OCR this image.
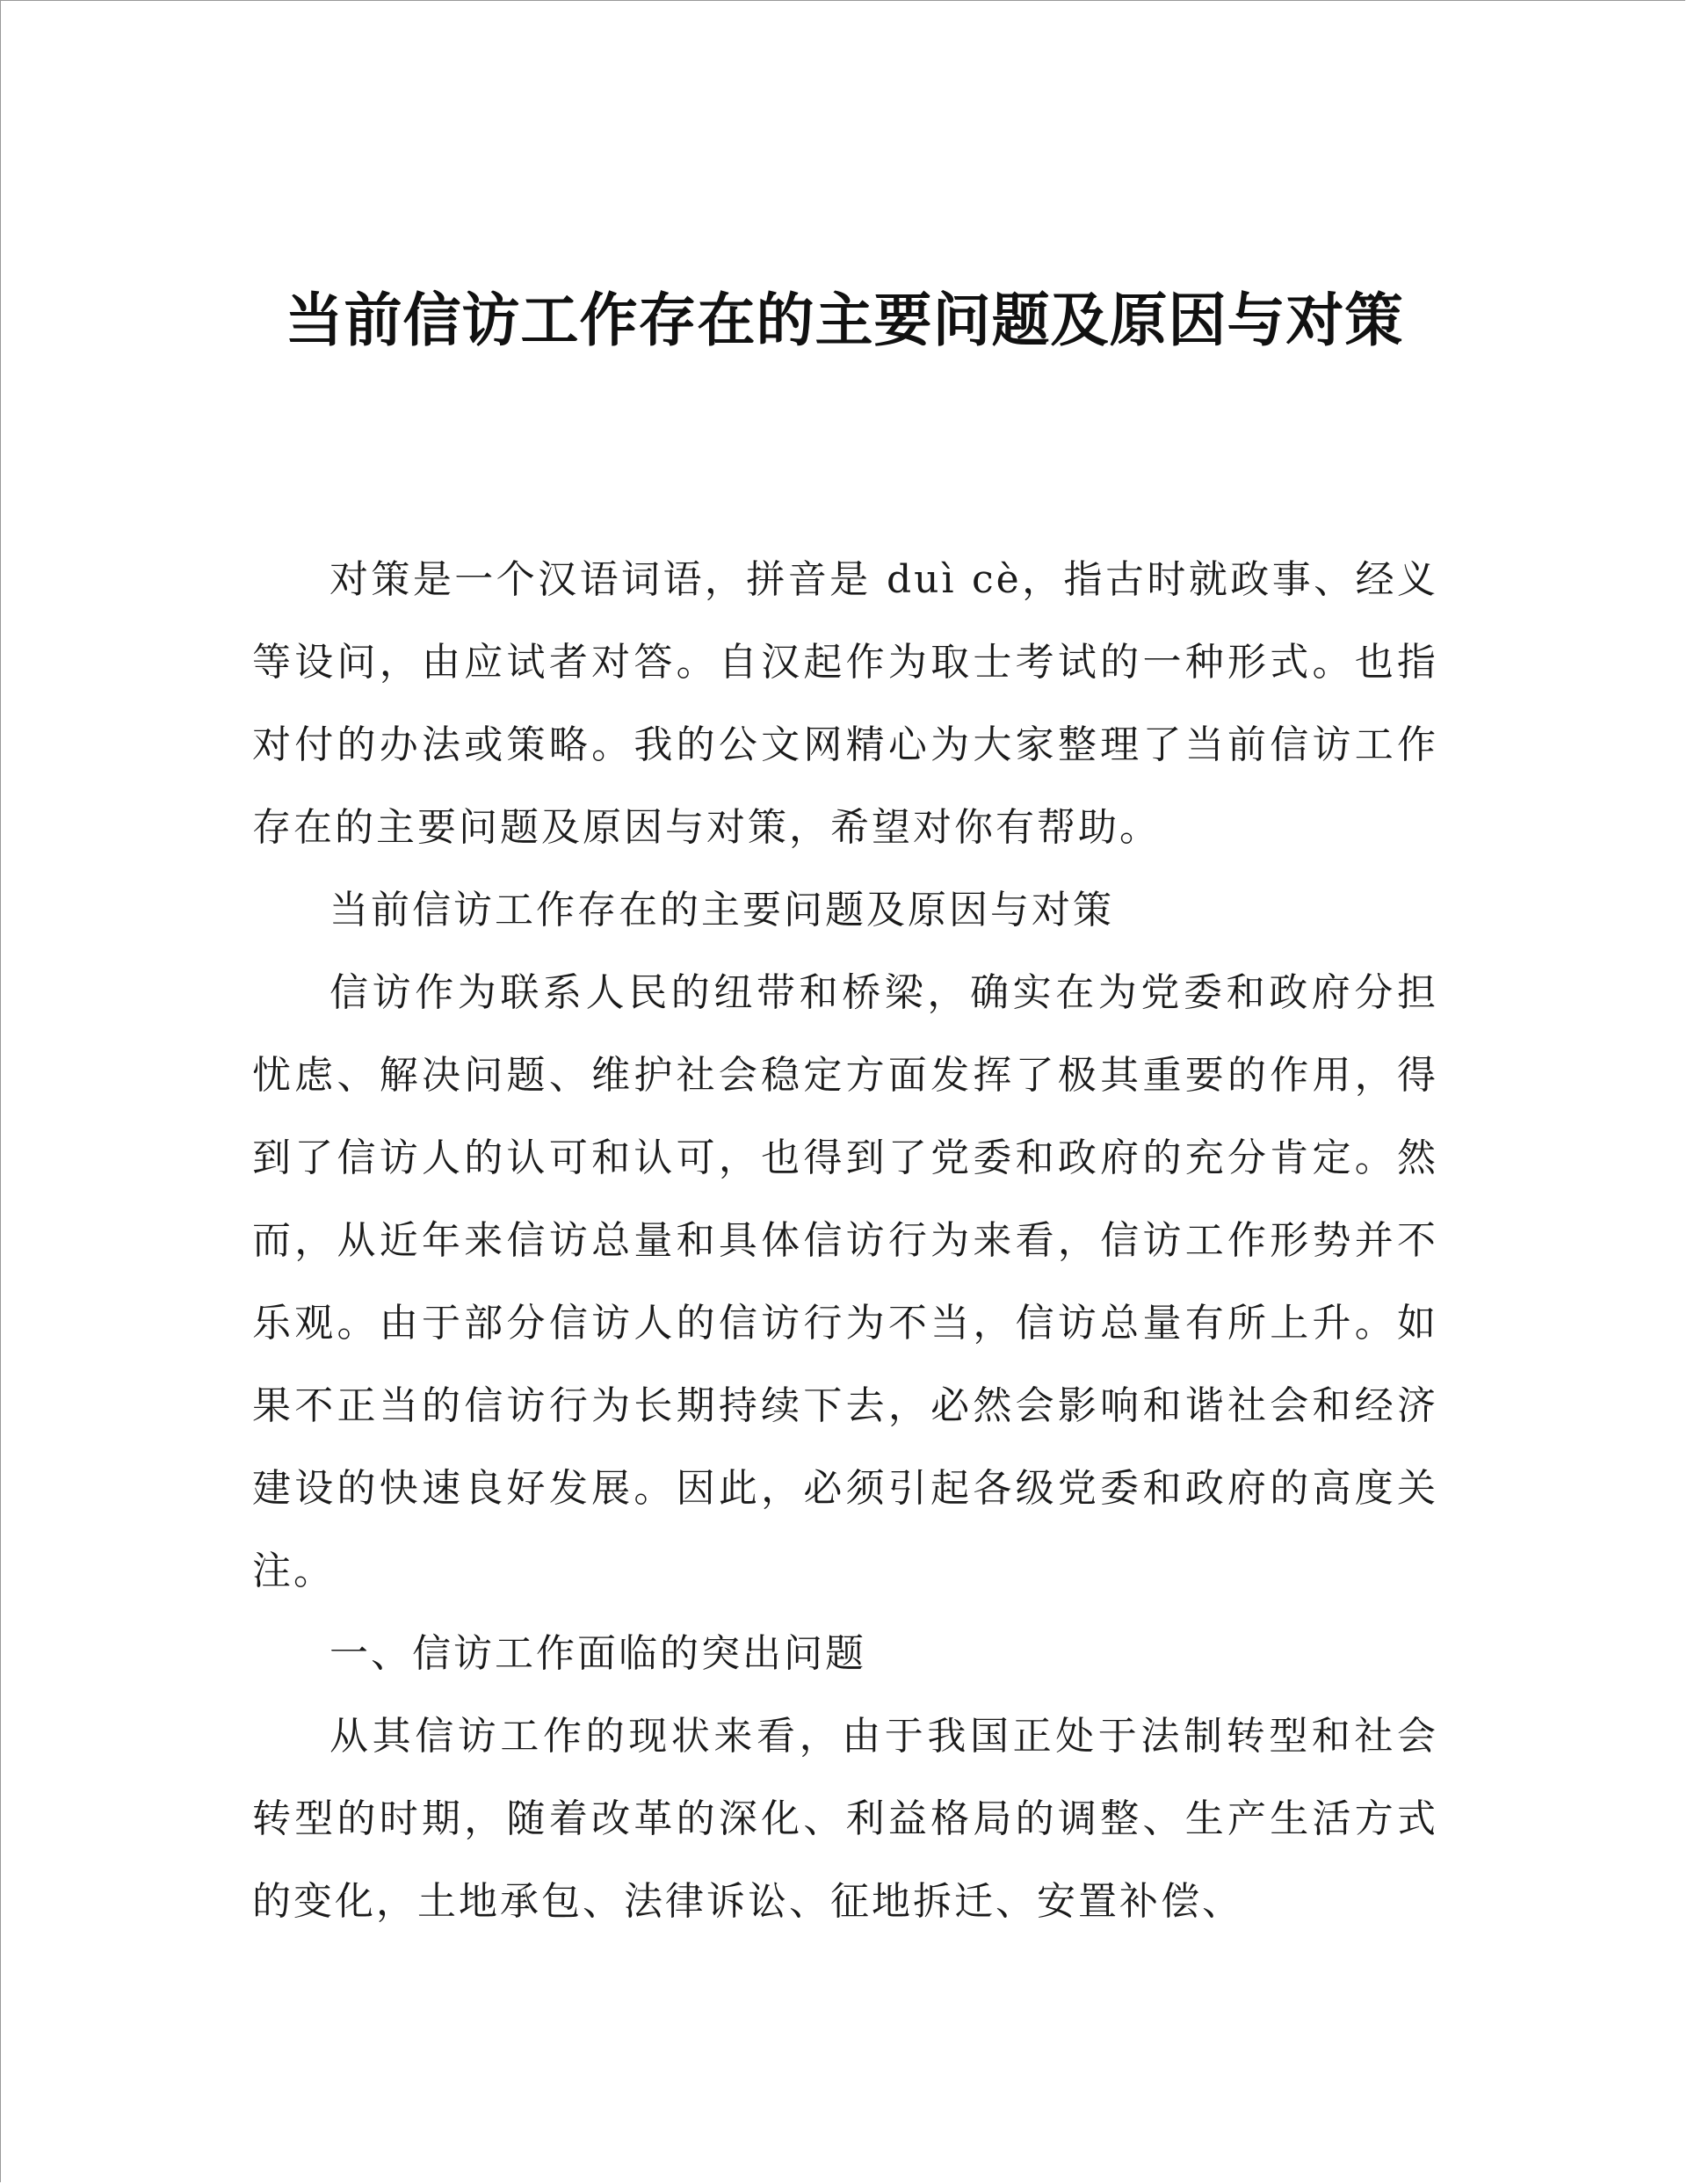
当前信访工作存在的主要问题及原因与对策

对策是一个汉语词语，拼音是 duì cè，指古时就政事、经义等设问，由应试者对答。自汉起作为取士考试的一种形式。也指对付的办法或策略。我的公文网精心为大家整理了当前信访工作存在的主要问题及原因与对策，希望对你有帮助。

当前信访工作存在的主要问题及原因与对策

信访作为联系人民的纽带和桥梁，确实在为党委和政府分担忧虑、解决问题、维护社会稳定方面发挥了极其重要的作用，得到了信访人的认可和认可，也得到了党委和政府的充分肯定。然而，从近年来信访总量和具体信访行为来看，信访工作形势并不乐观。由于部分信访人的信访行为不当，信访总量有所上升。如果不正当的信访行为长期持续下去，必然会影响和谐社会和经济建设的快速良好发展。因此，必须引起各级党委和政府的高度关注。

一、信访工作面临的突出问题

从其信访工作的现状来看，由于我国正处于法制转型和社会转型的时期，随着改革的深化、利益格局的调整、生产生活方式的变化，土地承包、法律诉讼、征地拆迁、安置补偿、
